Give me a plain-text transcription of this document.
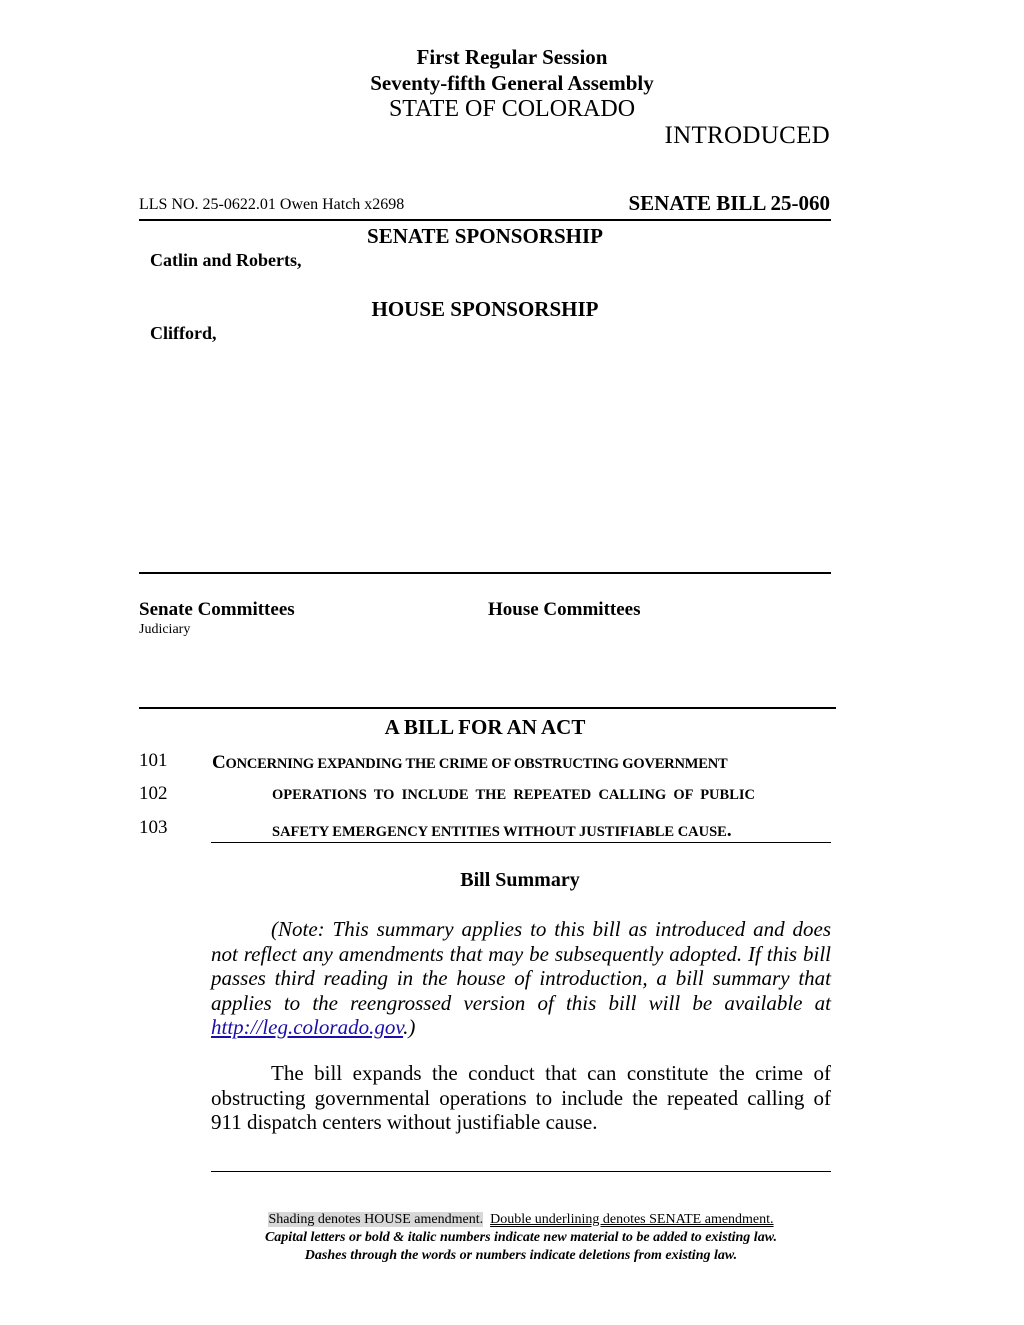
First Regular Session
Seventy-fifth General Assembly
STATE OF COLORADO
INTRODUCED
LLS NO. 25-0622.01 Owen Hatch x2698	SENATE BILL 25-060
SENATE SPONSORSHIP
Catlin and Roberts,
HOUSE SPONSORSHIP
Clifford,
Senate Committees
Judiciary
House Committees
A BILL FOR AN ACT
101 CONCERNING EXPANDING THE CRIME OF OBSTRUCTING GOVERNMENT
102	OPERATIONS TO INCLUDE THE REPEATED CALLING OF PUBLIC
103	SAFETY EMERGENCY ENTITIES WITHOUT JUSTIFIABLE CAUSE.
Bill Summary
(Note: This summary applies to this bill as introduced and does not reflect any amendments that may be subsequently adopted. If this bill passes third reading in the house of introduction, a bill summary that applies to the reengrossed version of this bill will be available at http://leg.colorado.gov.)
The bill expands the conduct that can constitute the crime of obstructing governmental operations to include the repeated calling of 911 dispatch centers without justifiable cause.
Shading denotes HOUSE amendment. Double underlining denotes SENATE amendment.
Capital letters or bold & italic numbers indicate new material to be added to existing law.
Dashes through the words or numbers indicate deletions from existing law.
